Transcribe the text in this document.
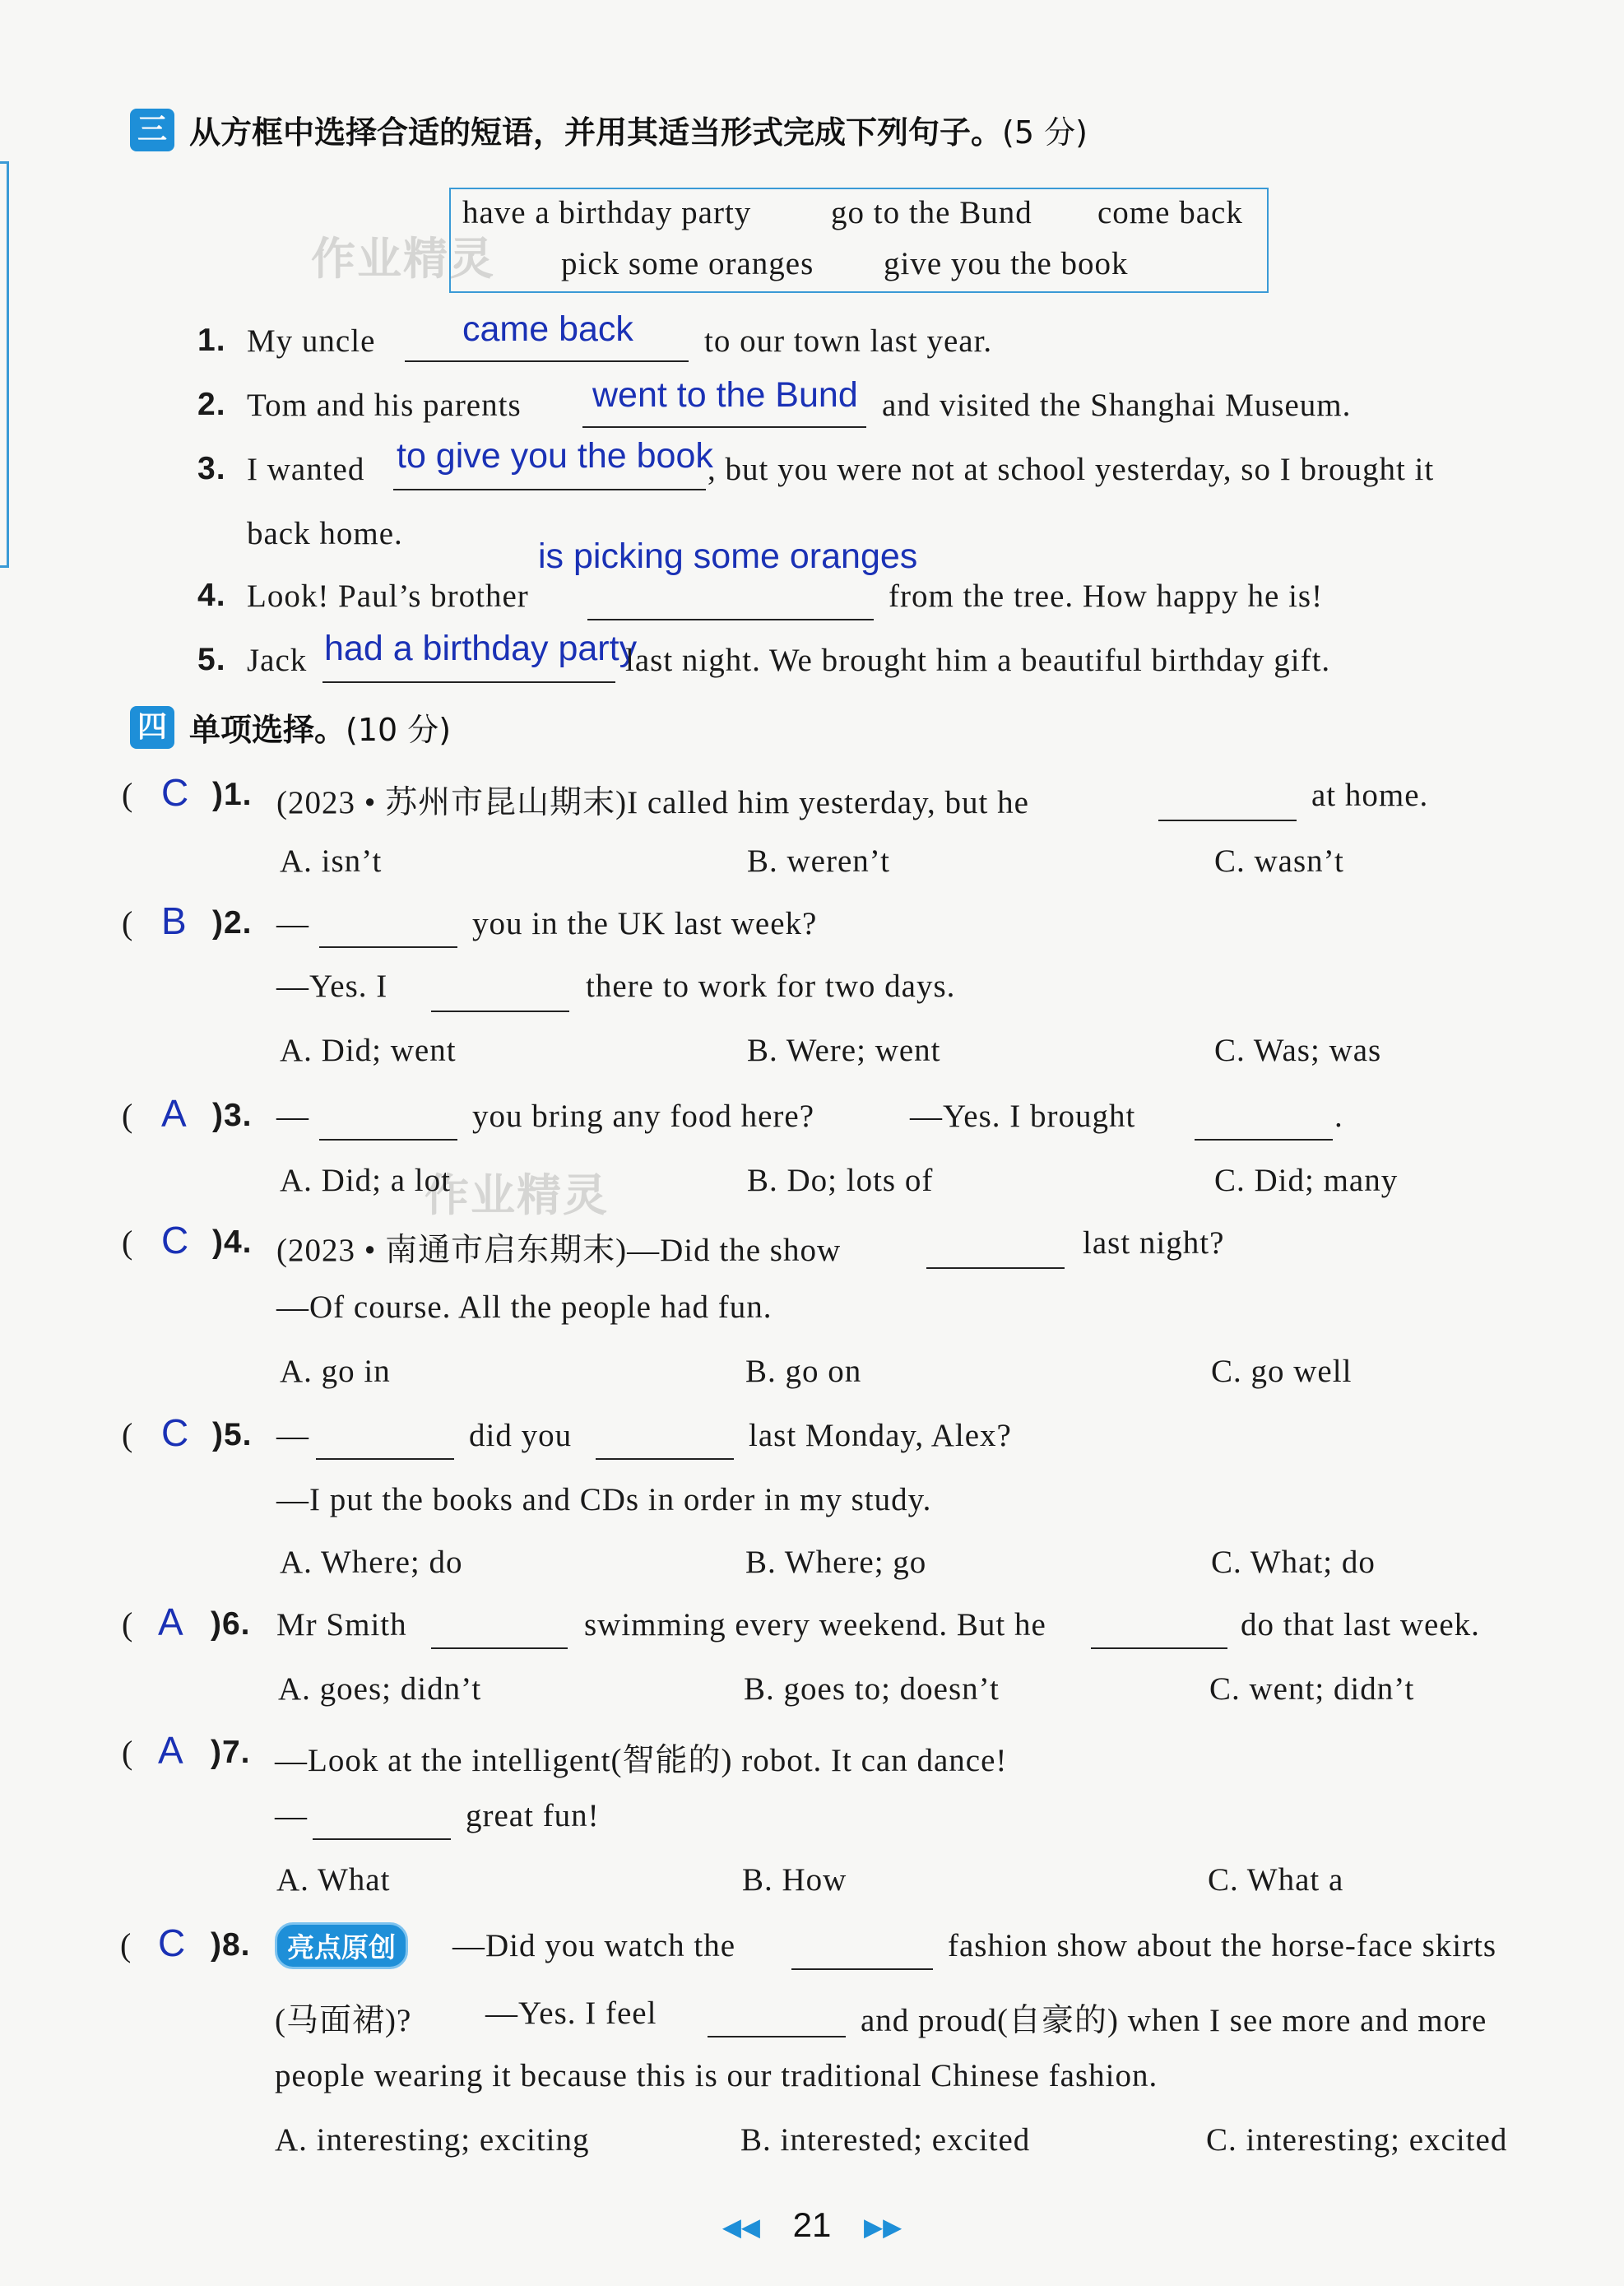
作业精灵
作业精灵
三 从方框中选择合适的短语，并用其适当形式完成下列句子。 (5 分)
have a birthday party go to the Bund come back
pick some oranges give you the book
1. My uncle came back to our town last year.
2. Tom and his parents went to the Bund and visited the Shanghai Museum.
3. I wanted to give you the book
, but you were not at school yesterday, so I brought it
back home.
is picking some oranges
4. Look! Paul’s brother	from the tree. How happy he is!
5. Jack had a birthday party
last night. We brought him a beautiful birthday gift.
四 单项选择。 (10 分)
( C )1. (2023 • 苏州市昆山期末)I called him yesterday, but he	at home.
A. isn’t	B. weren’t	C. wasn’t
( B )2. —	you in the UK last week?
—Yes. I	there to work for two days.
A. Did; went	B. Were; went	C. Was; was
( A )3. —	you bring any food here?	—Yes. I brought	.
A. Did; a lot	B. Do; lots of	C. Did; many
( C )4. (2023 • 南通市启东期末)—Did the show	last night?
—Of course. All the people had fun.
A. go in	B. go on	C. go well
( C )5. —	did you	last Monday, Alex?
—I put the books and CDs in order in my study.
A. Where; do	B. Where; go	C. What; do
( A )6. Mr Smith	swimming every weekend. But he	do that last week.
A. goes; didn’t	B. goes to; doesn’t	C. went; didn’t
( A )7. —Look at the intelligent(智能的) robot. It can dance!
—	great fun!
A. What	B. How	C. What a
( C )8.	亮点原创	—Did you watch the	fashion show about the horse-face skirts
(马面裙)? —Yes. I feel	and proud(自豪的) when I see more and more
people wearing it because this is our traditional Chinese fashion.
A. interesting; exciting	B. interested; excited	C. interesting; excited
◀◀ 21 ▶▶
